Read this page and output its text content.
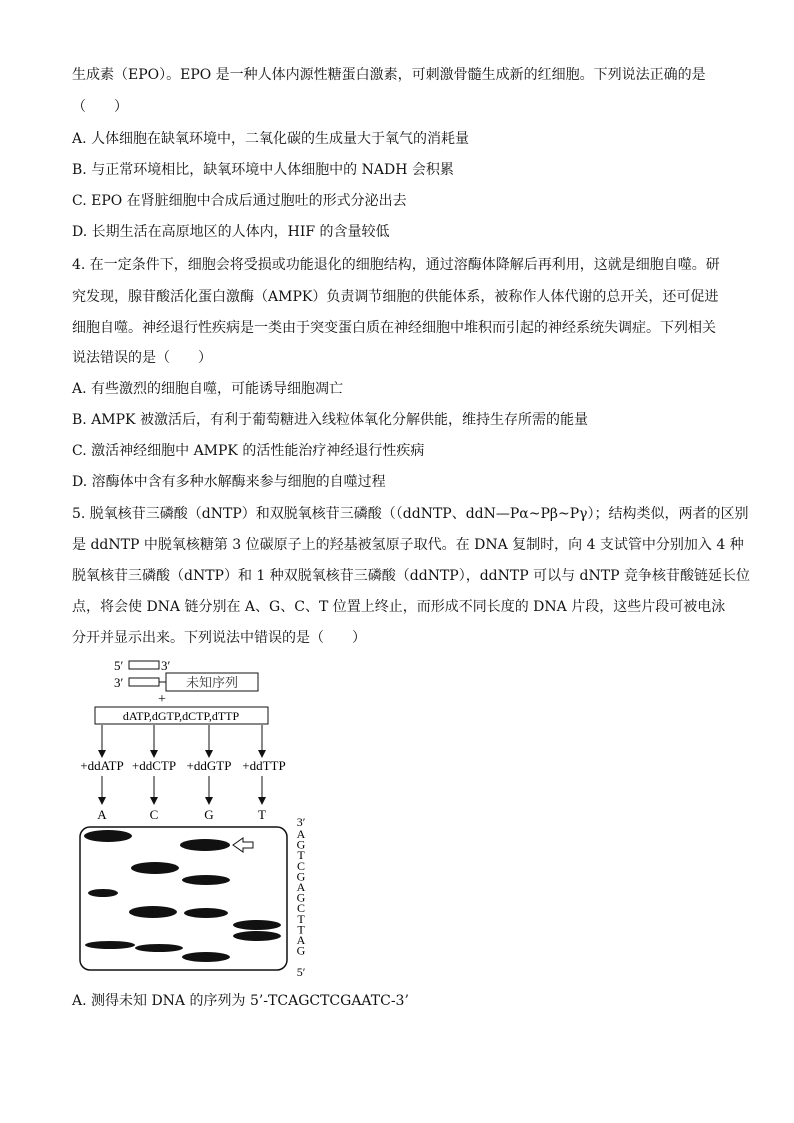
生成素（EPO）。EPO 是一种人体内源性糖蛋白激素，可刺激骨髓生成新的红细胞。下列说法正确的是
（　　）
A. 人体细胞在缺氧环境中，二氧化碳的生成量大于氧气的消耗量
B. 与正常环境相比，缺氧环境中人体细胞中的 NADH 会积累
C. EPO 在肾脏细胞中合成后通过胞吐的形式分泌出去
D. 长期生活在高原地区的人体内，HIF 的含量较低
4. 在一定条件下，细胞会将受损或功能退化的细胞结构，通过溶酶体降解后再利用，这就是细胞自噬。研
究发现，腺苷酸活化蛋白激酶（AMPK）负责调节细胞的供能体系，被称作人体代谢的总开关，还可促进
细胞自噬。神经退行性疾病是一类由于突变蛋白质在神经细胞中堆积而引起的神经系统失调症。下列相关
说法错误的是（　　）
A. 有些激烈的细胞自噬，可能诱导细胞凋亡
B. AMPK 被激活后，有利于葡萄糖进入线粒体氧化分解供能，维持生存所需的能量
C. 激活神经细胞中 AMPK 的活性能治疗神经退行性疾病
D. 溶酶体中含有多种水解酶来参与细胞的自噬过程
5. 脱氧核苷三磷酸（dNTP）和双脱氧核苷三磷酸（（ddNTP、ddN—Pα~Pβ~Pγ）；结构类似，两者的区别
是 ddNTP 中脱氧核糖第 3 位碳原子上的羟基被氢原子取代。在 DNA 复制时，向 4 支试管中分别加入 4 种
脱氧核苷三磷酸（dNTP）和 1 种双脱氧核苷三磷酸（ddNTP），ddNTP 可以与 dNTP 竞争核苷酸链延长位
点，将会使 DNA 链分别在 A、G、C、T 位置上终止，而形成不同长度的 DNA 片段，这些片段可被电泳
分开并显示出来。下列说法中错误的是（　　）
5′	3′
3′	未知序列
+
dATP,dGTP,dCTP,dTTP
+ddATP +ddCTP +ddGTP +ddTTP
A	C	G	T	3′
A
G
T
C
G
A
G
C
T
T
A
G
5′
A. 测得未知 DNA 的序列为 5’-TCAGCTCGAATC-3’
